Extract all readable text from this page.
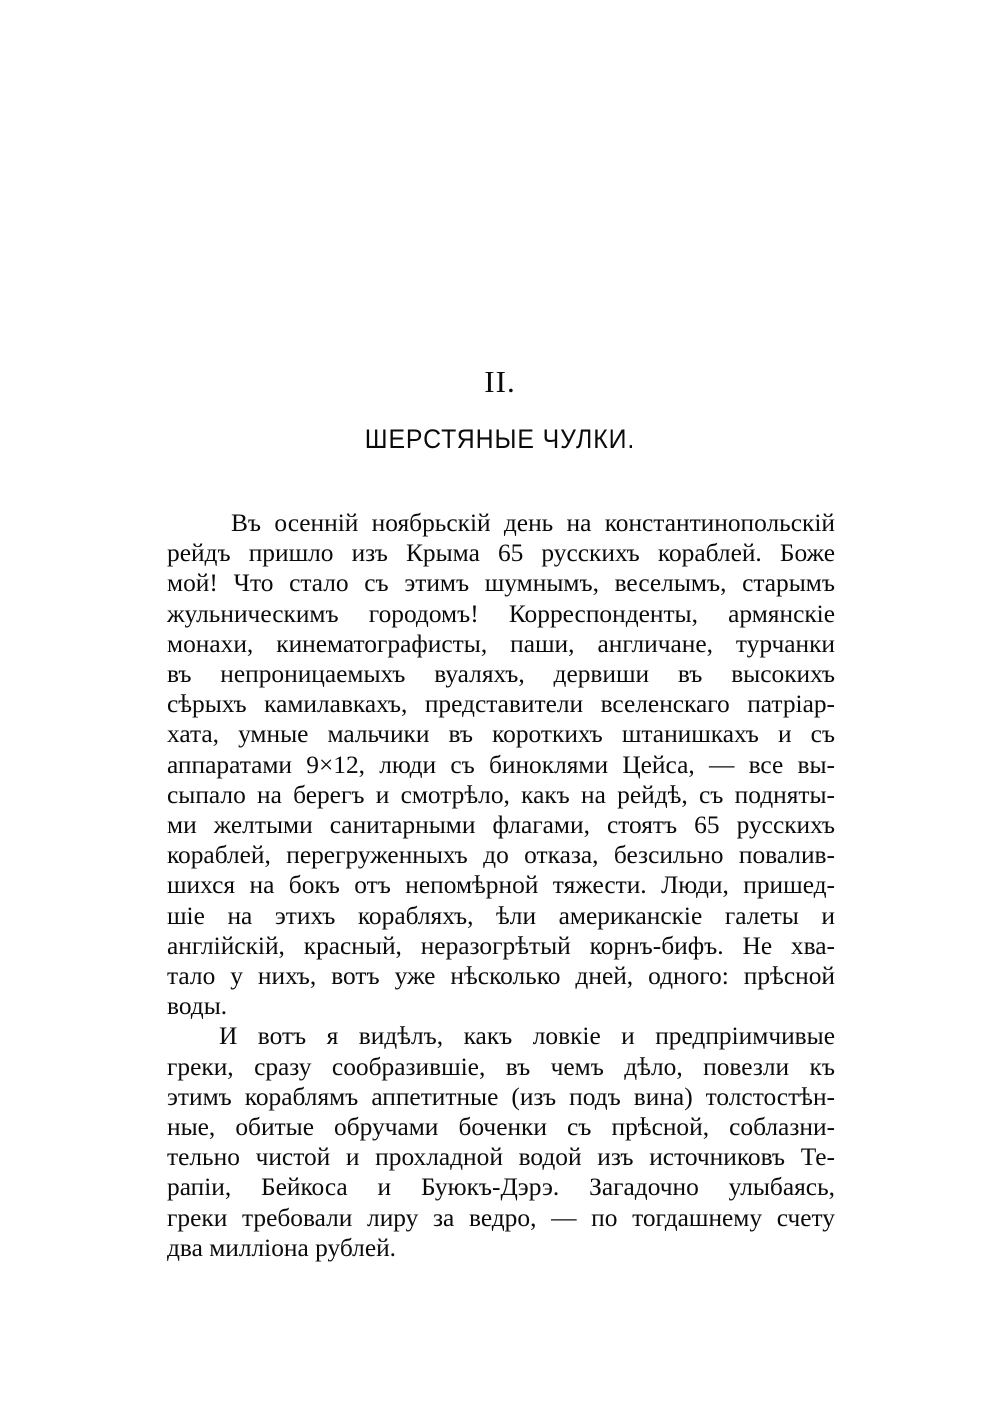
II.
ШЕРСТЯНЫЕ ЧУЛКИ.
Въ осенній ноябрьскій день на константинопольскій
рейдъ пришло изъ Крыма 65 русскихъ кораблей. Боже
мой! Что стало съ этимъ шумнымъ, веселымъ, старымъ
жульническимъ городомъ! Корреспонденты, армянскіе
монахи, кинематографисты, паши, англичане, турчанки
въ непроницаемыхъ вуаляхъ, дервиши въ высокихъ
сѣрыхъ камилавкахъ, представители вселенскаго патріар-
хата, умные мальчики въ короткихъ штанишкахъ и съ
аппаратами 9×12, люди съ биноклями Цейса, — все вы-
сыпало на берегъ и смотрѣло, какъ на рейдѣ, съ подняты-
ми желтыми санитарными флагами, стоятъ 65 русскихъ
кораблей, перегруженныхъ до отказа, безсильно повалив-
шихся на бокъ отъ непомѣрной тяжести. Люди, пришед-
шіе на этихъ корабляхъ, ѣли американскіе галеты и
англійскій, красный, неразогрѣтый корнъ-бифъ. Не хва-
тало у нихъ, вотъ уже нѣсколько дней, одного: прѣсной
воды.
И вотъ я видѣлъ, какъ ловкіе и предпріимчивые
греки, сразу сообразившіе, въ чемъ дѣло, повезли къ
этимъ кораблямъ аппетитные (изъ подъ вина) толстостѣн-
ные, обитые обручами боченки съ прѣсной, соблазни-
тельно чистой и прохладной водой изъ источниковъ Те-
рапіи, Бейкоса и Буюкъ-Дэрэ. Загадочно улыбаясь,
греки требовали лиру за ведро, — по тогдашнему счету
два милліона рублей.
